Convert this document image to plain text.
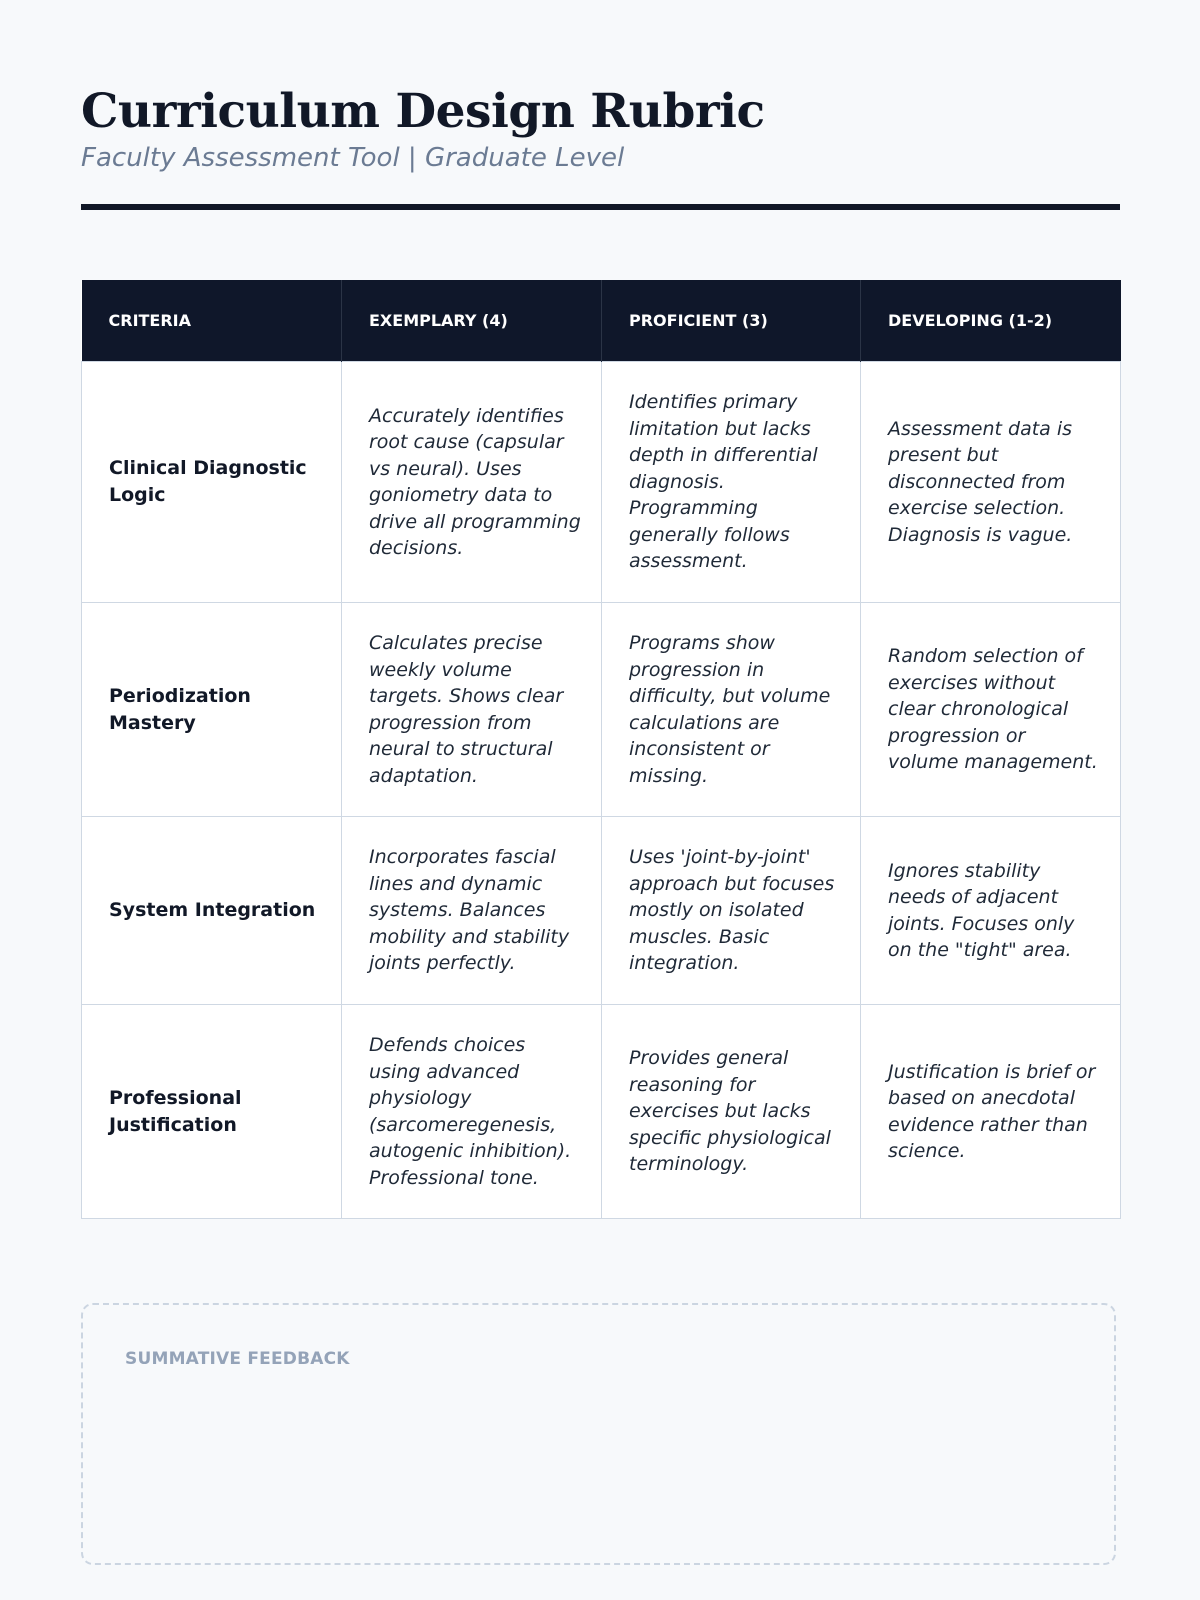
Curriculum Design Rubric
Faculty Assessment Tool | Graduate Level
CRITERIA	EXEMPLARY (4)	PROFICIENT (3)	DEVELOPING (1-2)
Clinical Diagnostic Logic	Accurately identifies root cause (capsular vs neural). Uses goniometry data to drive all programming decisions.	Identifies primary limitation but lacks depth in differential diagnosis. Programming generally follows assessment.	Assessment data is present but disconnected from exercise selection. Diagnosis is vague.
Periodization Mastery	Calculates precise weekly volume targets. Shows clear progression from neural to structural adaptation.	Programs show progression in difficulty, but volume calculations are inconsistent or missing.	Random selection of exercises without clear chronological progression or volume management.
System Integration	Incorporates fascial lines and dynamic systems. Balances mobility and stability joints perfectly.	Uses 'joint-by-joint' approach but focuses mostly on isolated muscles. Basic integration.	Ignores stability needs of adjacent joints. Focuses only on the "tight" area.
Professional Justification	Defends choices using advanced physiology (sarcomeregenesis, autogenic inhibition). Professional tone.	Provides general reasoning for exercises but lacks specific physiological terminology.	Justification is brief or based on anecdotal evidence rather than science.
SUMMATIVE FEEDBACK
